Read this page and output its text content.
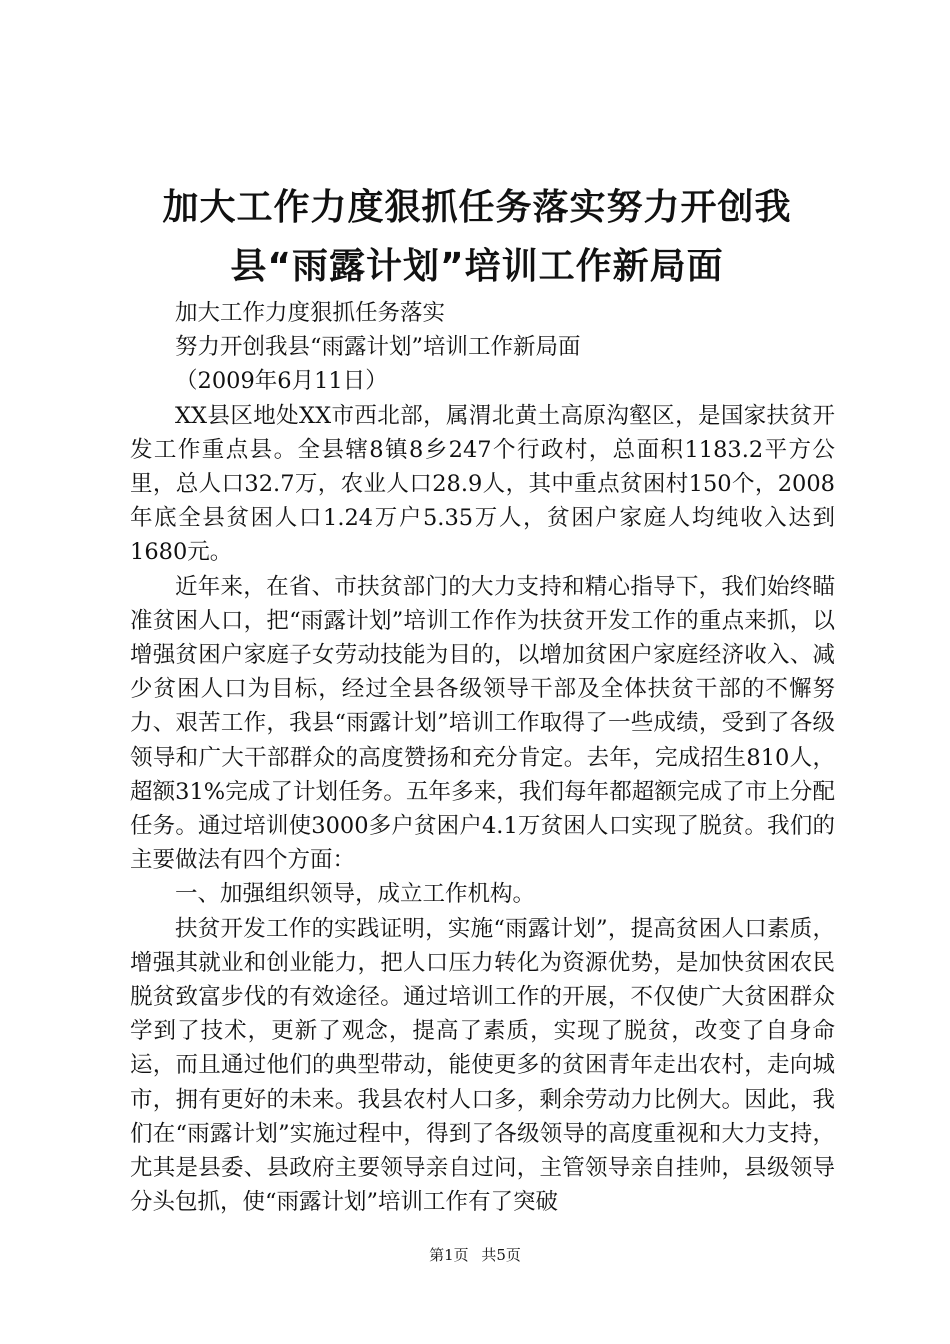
加大工作力度狠抓任务落实努力开创我县“雨露计划”培训工作新局面

加大工作力度狠抓任务落实

努力开创我县“雨露计划”培训工作新局面

（2009年6月11日）

XX县区地处XX市西北部，属渭北黄土高原沟壑区，是国家扶贫开发工作重点县。全县辖8镇8乡247个行政村，总面积1183.2平方公里，总人口32.7万，农业人口28.9人，其中重点贫困村150个，2008年底全县贫困人口1.24万户5.35万人，贫困户家庭人均纯收入达到1680元。

近年来，在省、市扶贫部门的大力支持和精心指导下，我们始终瞄准贫困人口，把“雨露计划”培训工作作为扶贫开发工作的重点来抓，以增强贫困户家庭子女劳动技能为目的，以增加贫困户家庭经济收入、减少贫困人口为目标，经过全县各级领导干部及全体扶贫干部的不懈努力、艰苦工作，我县“雨露计划”培训工作取得了一些成绩，受到了各级领导和广大干部群众的高度赞扬和充分肯定。去年，完成招生810人，超额31%完成了计划任务。五年多来，我们每年都超额完成了市上分配任务。通过培训使3000多户贫困户4.1万贫困人口实现了脱贫。我们的主要做法有四个方面：

一、加强组织领导，成立工作机构。

扶贫开发工作的实践证明，实施“雨露计划”，提高贫困人口素质，增强其就业和创业能力，把人口压力转化为资源优势，是加快贫困农民脱贫致富步伐的有效途径。通过培训工作的开展，不仅使广大贫困群众学到了技术，更新了观念，提高了素质，实现了脱贫，改变了自身命运，而且通过他们的典型带动，能使更多的贫困青年走出农村，走向城市，拥有更好的未来。我县农村人口多，剩余劳动力比例大。因此，我们在“雨露计划”实施过程中，得到了各级领导的高度重视和大力支持，尤其是县委、县政府主要领导亲自过问，主管领导亲自挂帅，县级领导分头包抓，使“雨露计划”培训工作有了突破

第1页 共5页
